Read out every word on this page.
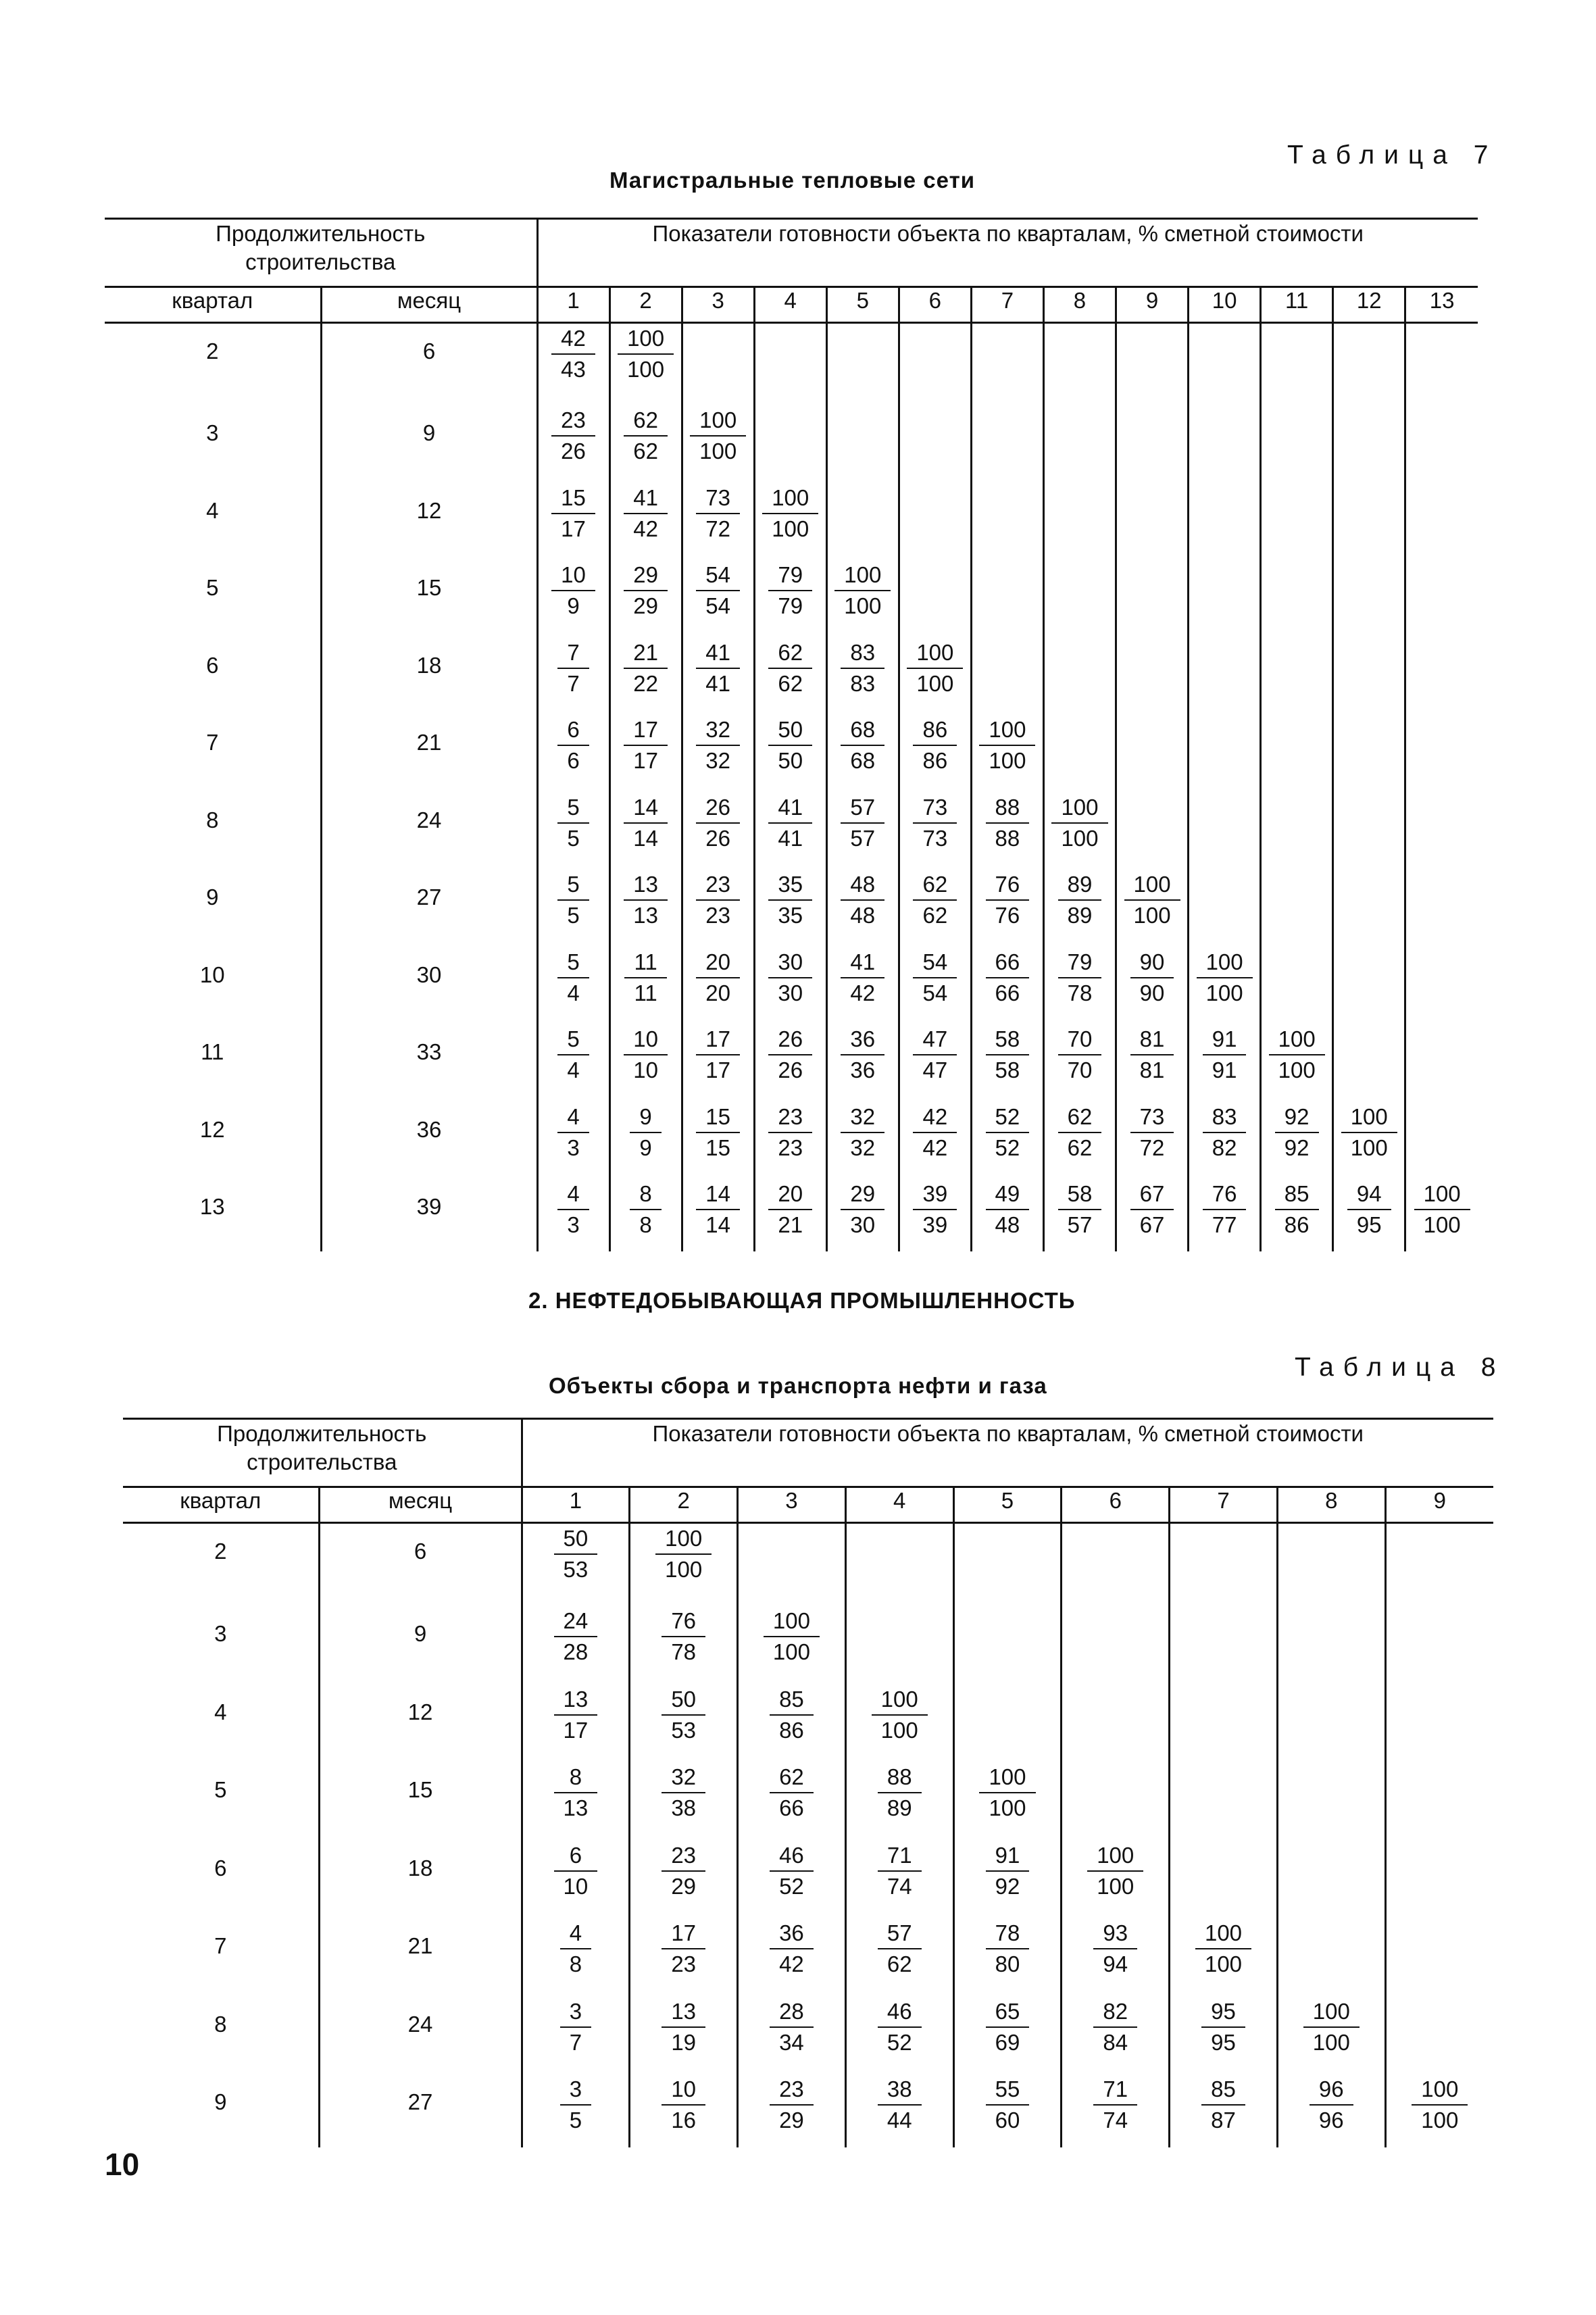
Таблица 7
Магистральные тепловые сети
Продолжительность строительства		Показатели готовности объекта по кварталам, % сметной стоимости												
квартал	месяц	1	2	3	4	5	6	7	8	9	10	11	12	13
2	6	$\frac{42}{43}$	$\frac{100}{100}$

3	9	$\frac{23}{26}$	$\frac{62}{62}$	$\frac{100}{100}$

4	12	$\frac{15}{17}$	$\frac{41}{42}$	$\frac{73}{72}$	$\frac{100}{100}$

5	15	$\frac{10}{9}$	$\frac{29}{29}$	$\frac{54}{54}$	$\frac{79}{79}$	$\frac{100}{100}$

6	18	$\frac{7}{7}$	$\frac{21}{22}$	$\frac{41}{41}$	$\frac{62}{62}$	$\frac{83}{83}$	$\frac{100}{100}$

7	21	$\frac{6}{6}$	$\frac{17}{17}$	$\frac{32}{32}$	$\frac{50}{50}$	$\frac{68}{68}$	$\frac{86}{86}$	$\frac{100}{100}$

8	24	$\frac{5}{5}$	$\frac{14}{14}$	$\frac{26}{26}$	$\frac{41}{41}$	$\frac{57}{57}$	$\frac{73}{73}$	$\frac{88}{88}$	$\frac{100}{100}$

9	27	$\frac{5}{5}$	$\frac{13}{13}$	$\frac{23}{23}$	$\frac{35}{35}$	$\frac{48}{48}$	$\frac{62}{62}$	$\frac{76}{76}$	$\frac{89}{89}$	$\frac{100}{100}$

10	30	$\frac{5}{4}$	$\frac{11}{11}$	$\frac{20}{20}$	$\frac{30}{30}$	$\frac{41}{42}$	$\frac{54}{54}$	$\frac{66}{66}$	$\frac{79}{78}$	$\frac{90}{90}$	$\frac{100}{100}$

11	33	$\frac{5}{4}$	$\frac{10}{10}$	$\frac{17}{17}$	$\frac{26}{26}$	$\frac{36}{36}$	$\frac{47}{47}$	$\frac{58}{58}$	$\frac{70}{70}$	$\frac{81}{81}$	$\frac{91}{91}$	$\frac{100}{100}$

12	36	$\frac{4}{3}$	$\frac{9}{9}$	$\frac{15}{15}$	$\frac{23}{23}$	$\frac{32}{32}$	$\frac{42}{42}$	$\frac{52}{52}$	$\frac{62}{62}$	$\frac{73}{72}$	$\frac{83}{82}$	$\frac{92}{92}$	$\frac{100}{100}$

13	39	$\frac{4}{3}$	$\frac{8}{8}$	$\frac{14}{14}$	$\frac{20}{21}$	$\frac{29}{30}$	$\frac{39}{39}$	$\frac{49}{48}$	$\frac{58}{57}$	$\frac{67}{67}$	$\frac{76}{77}$	$\frac{85}{86}$	$\frac{94}{95}$	$\frac{100}{100}$
2. НЕФТЕДОБЫВАЮЩАЯ ПРОМЫШЛЕННОСТЬ
Таблица 8
Объекты сбора и транспорта нефти и газа
Продолжительность строительства		Показатели готовности объекта по кварталам, % сметной стоимости								
квартал	месяц	1	2	3	4	5	6	7	8	9
2	6	$\frac{50}{53}$	$\frac{100}{100}$

3	9	$\frac{24}{28}$	$\frac{76}{78}$	$\frac{100}{100}$

4	12	$\frac{13}{17}$	$\frac{50}{53}$	$\frac{85}{86}$	$\frac{100}{100}$

5	15	$\frac{8}{13}$	$\frac{32}{38}$	$\frac{62}{66}$	$\frac{88}{89}$	$\frac{100}{100}$

6	18	$\frac{6}{10}$	$\frac{23}{29}$	$\frac{46}{52}$	$\frac{71}{74}$	$\frac{91}{92}$	$\frac{100}{100}$

7	21	$\frac{4}{8}$	$\frac{17}{23}$	$\frac{36}{42}$	$\frac{57}{62}$	$\frac{78}{80}$	$\frac{93}{94}$	$\frac{100}{100}$

8	24	$\frac{3}{7}$	$\frac{13}{19}$	$\frac{28}{34}$	$\frac{46}{52}$	$\frac{65}{69}$	$\frac{82}{84}$	$\frac{95}{95}$	$\frac{100}{100}$

9	27	$\frac{3}{5}$	$\frac{10}{16}$	$\frac{23}{29}$	$\frac{38}{44}$	$\frac{55}{60}$	$\frac{71}{74}$	$\frac{85}{87}$	$\frac{96}{96}$	$\frac{100}{100}$
10
